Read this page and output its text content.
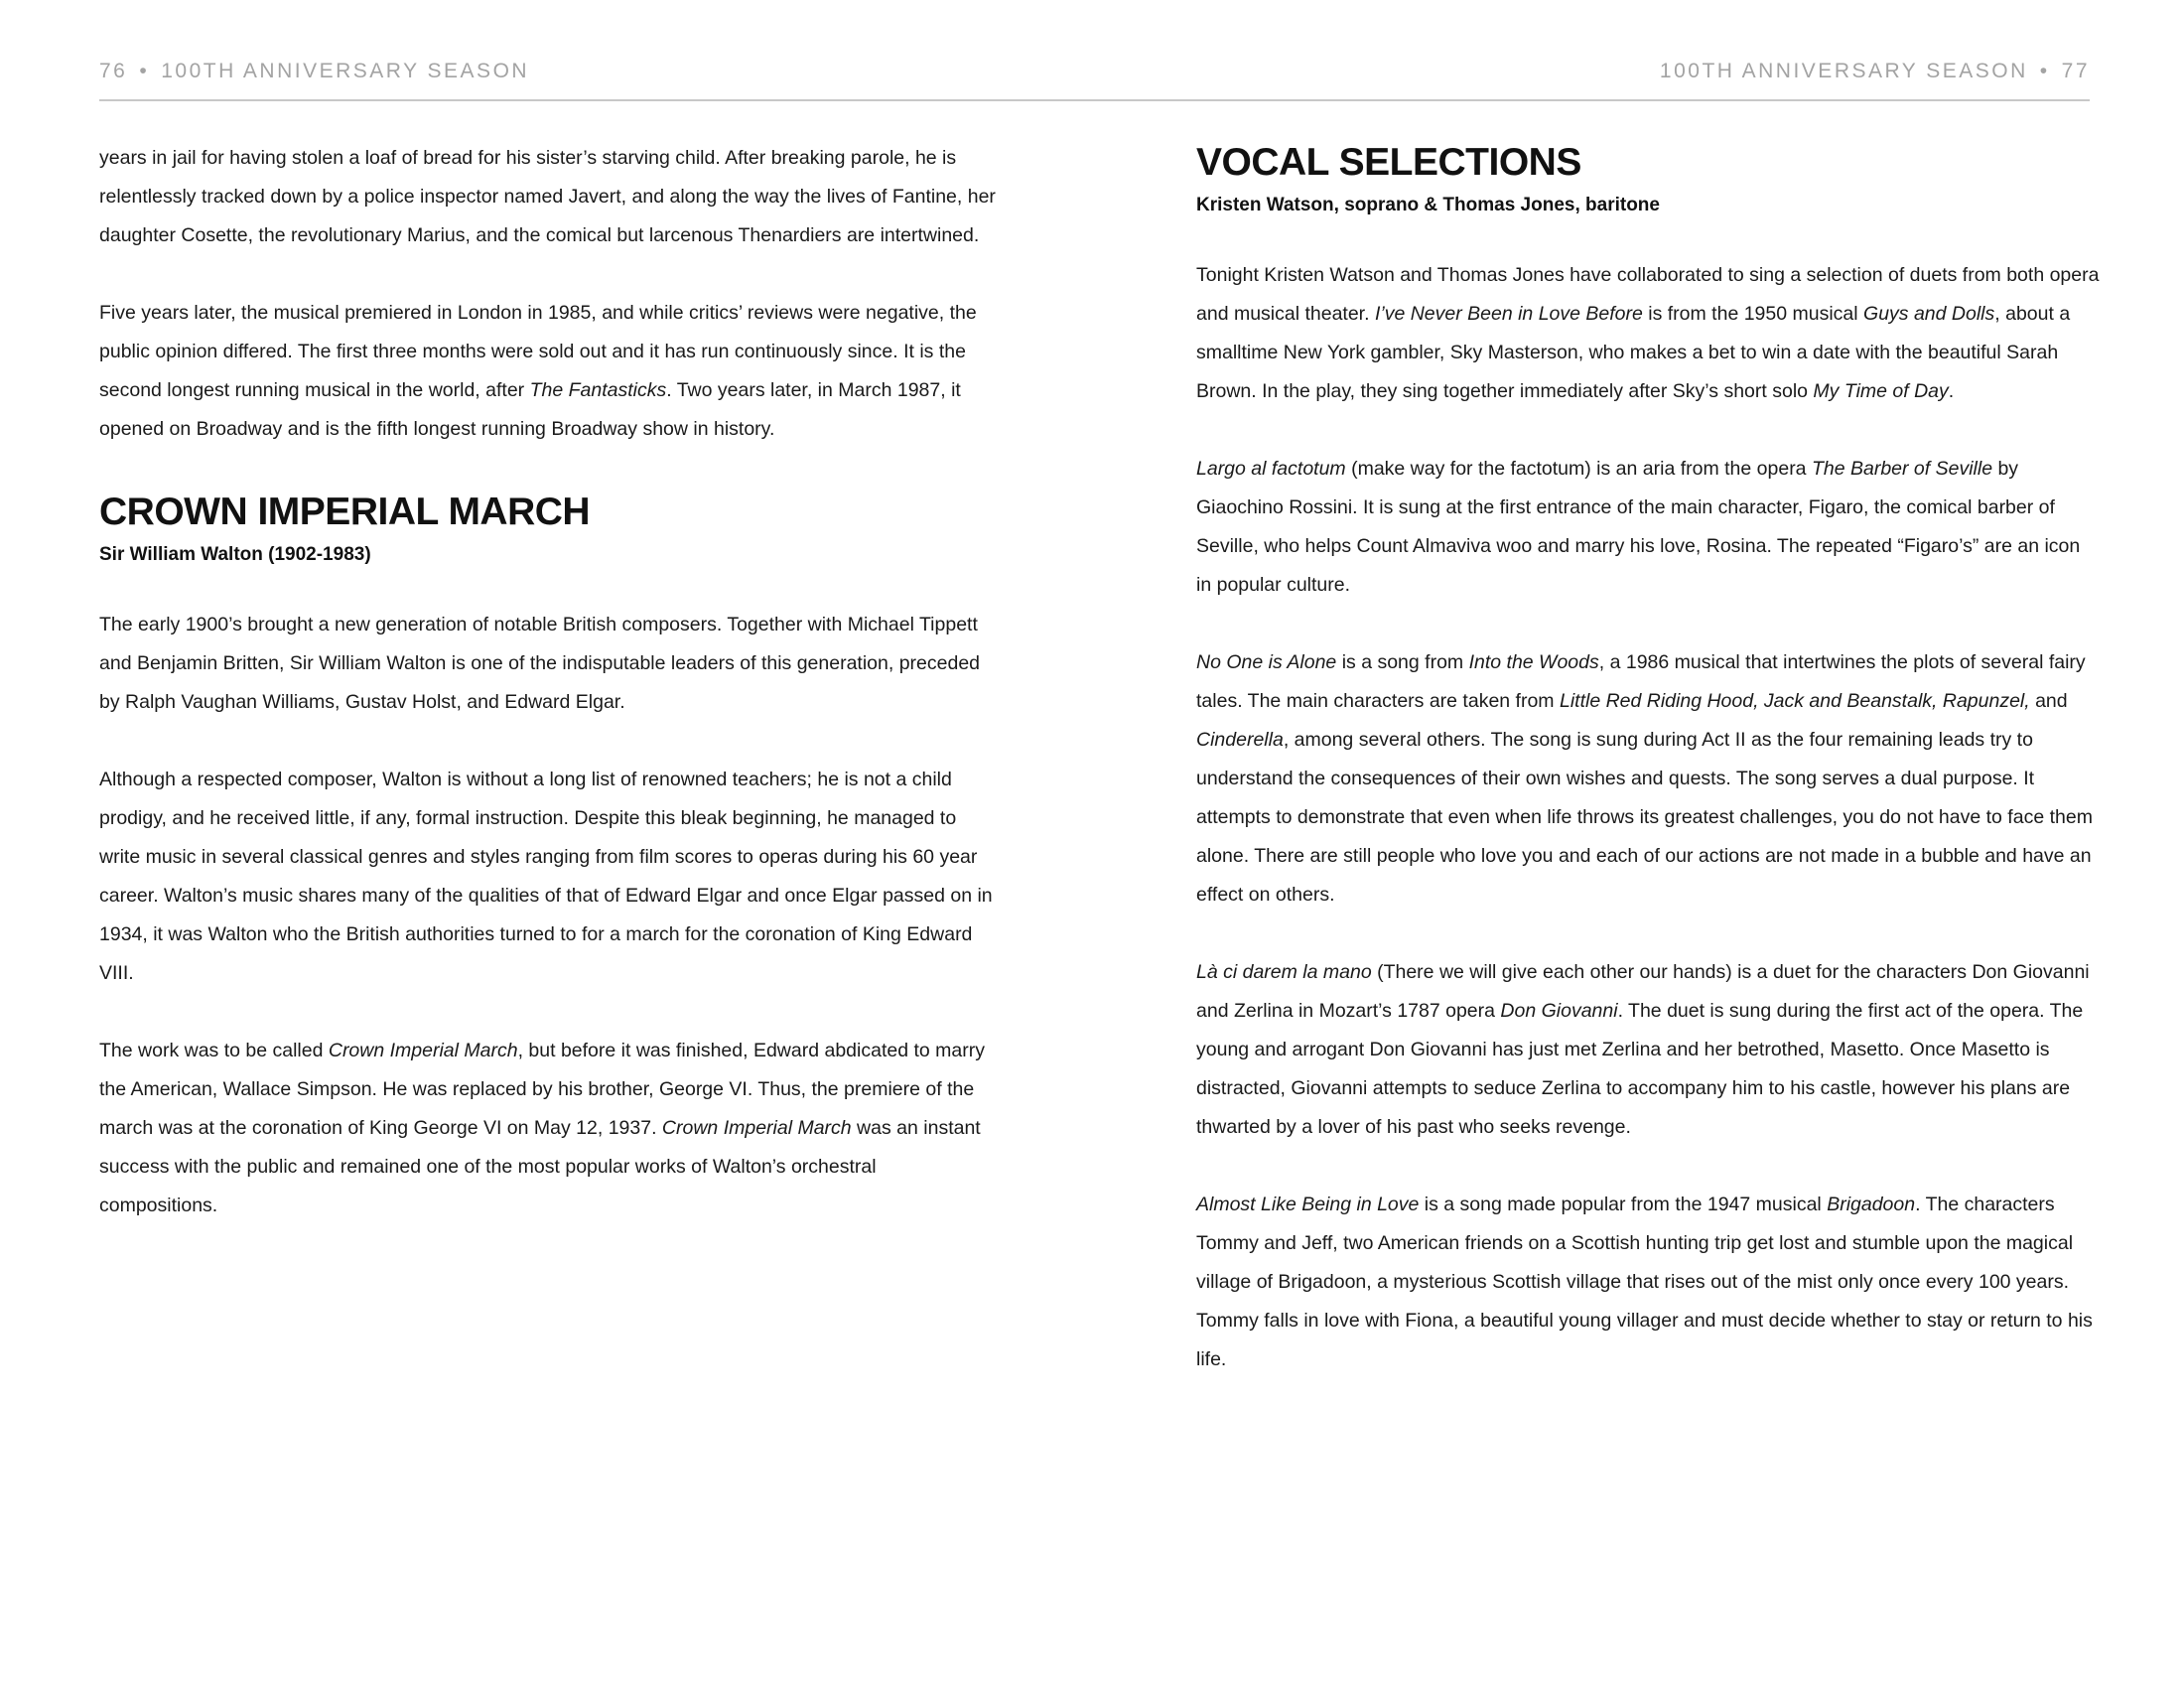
76 • 100TH ANNIVERSARY SEASON	100TH ANNIVERSARY SEASON • 77

years in jail for having stolen a loaf of bread for his sister’s starving child. After breaking parole, he is relentlessly tracked down by a police inspector named Javert, and along the way the lives of Fantine, her daughter Cosette, the revolutionary Marius, and the comical but larcenous Thenardiers are intertwined.

Five years later, the musical premiered in London in 1985, and while critics’ reviews were negative, the public opinion differed. The first three months were sold out and it has run continuously since. It is the second longest running musical in the world, after The Fantasticks. Two years later, in March 1987, it opened on Broadway and is the fifth longest running Broadway show in history.

CROWN IMPERIAL MARCH
Sir William Walton (1902-1983)

The early 1900’s brought a new generation of notable British composers. Together with Michael Tippett and Benjamin Britten, Sir William Walton is one of the indisputable leaders of this generation, preceded by Ralph Vaughan Williams, Gustav Holst, and Edward Elgar.

Although a respected composer, Walton is without a long list of renowned teachers; he is not a child prodigy, and he received little, if any, formal instruction. Despite this bleak beginning, he managed to write music in several classical genres and styles ranging from film scores to operas during his 60 year career. Walton’s music shares many of the qualities of that of Edward Elgar and once Elgar passed on in 1934, it was Walton who the British authorities turned to for a march for the coronation of King Edward VIII.

The work was to be called Crown Imperial March, but before it was finished, Edward abdicated to marry the American, Wallace Simpson. He was replaced by his brother, George VI. Thus, the premiere of the march was at the coronation of King George VI on May 12, 1937. Crown Imperial March was an instant success with the public and remained one of the most popular works of Walton’s orchestral compositions.

VOCAL SELECTIONS
Kristen Watson, soprano & Thomas Jones, baritone

Tonight Kristen Watson and Thomas Jones have collaborated to sing a selection of duets from both opera and musical theater. I’ve Never Been in Love Before is from the 1950 musical Guys and Dolls, about a smalltime New York gambler, Sky Masterson, who makes a bet to win a date with the beautiful Sarah Brown. In the play, they sing together immediately after Sky’s short solo My Time of Day.

Largo al factotum (make way for the factotum) is an aria from the opera The Barber of Seville by Giaochino Rossini. It is sung at the first entrance of the main character, Figaro, the comical barber of Seville, who helps Count Almaviva woo and marry his love, Rosina. The repeated “Figaro’s” are an icon in popular culture.

No One is Alone is a song from Into the Woods, a 1986 musical that intertwines the plots of several fairy tales. The main characters are taken from Little Red Riding Hood, Jack and Beanstalk, Rapunzel, and Cinderella, among several others. The song is sung during Act II as the four remaining leads try to understand the consequences of their own wishes and quests. The song serves a dual purpose. It attempts to demonstrate that even when life throws its greatest challenges, you do not have to face them alone. There are still people who love you and each of our actions are not made in a bubble and have an effect on others.

Là ci darem la mano (There we will give each other our hands) is a duet for the characters Don Giovanni and Zerlina in Mozart’s 1787 opera Don Giovanni. The duet is sung during the first act of the opera. The young and arrogant Don Giovanni has just met Zerlina and her betrothed, Masetto. Once Masetto is distracted, Giovanni attempts to seduce Zerlina to accompany him to his castle, however his plans are thwarted by a lover of his past who seeks revenge.

Almost Like Being in Love is a song made popular from the 1947 musical Brigadoon. The characters Tommy and Jeff, two American friends on a Scottish hunting trip get lost and stumble upon the magical village of Brigadoon, a mysterious Scottish village that rises out of the mist only once every 100 years. Tommy falls in love with Fiona, a beautiful young villager and must decide whether to stay or return to his life.
